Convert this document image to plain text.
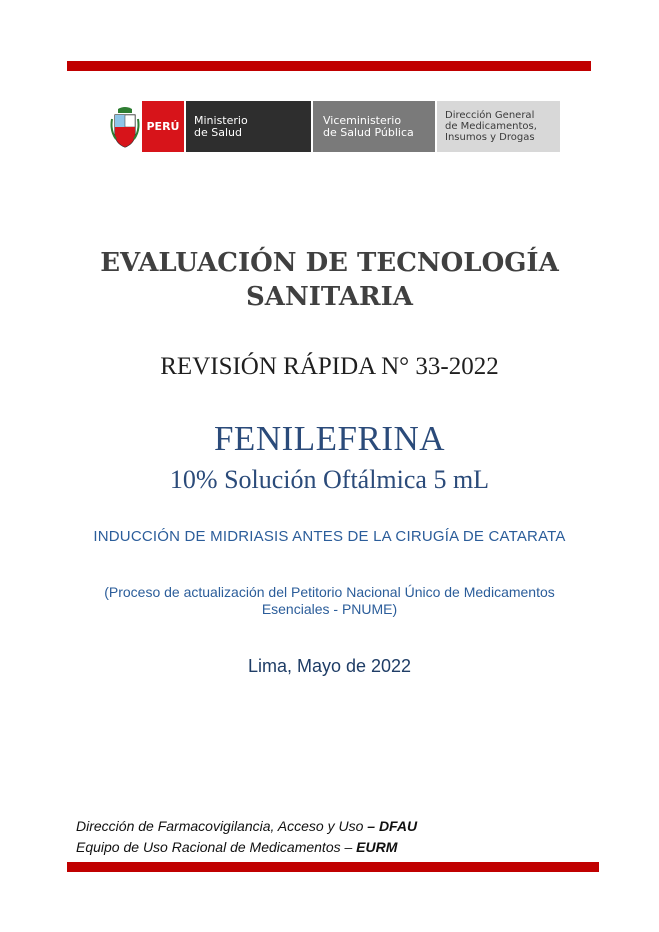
PERÚ	Ministerio
de Salud
Viceministerio
de Salud Pública
Dirección General
de Medicamentos,
Insumos y Drogas
EVALUACIÓN DE TECNOLOGÍA
SANITARIA
REVISIÓN RÁPIDA N° 33-2022
FENILEFRINA
10% Solución Oftálmica 5 mL
INDUCCIÓN DE MIDRIASIS ANTES DE LA CIRUGÍA DE CATARATA
(Proceso de actualización del Petitorio Nacional Único de Medicamentos
Esenciales - PNUME)
Lima, Mayo de 2022
Dirección de Farmacovigilancia, Acceso y Uso – DFAU
Equipo de Uso Racional de Medicamentos – EURM
